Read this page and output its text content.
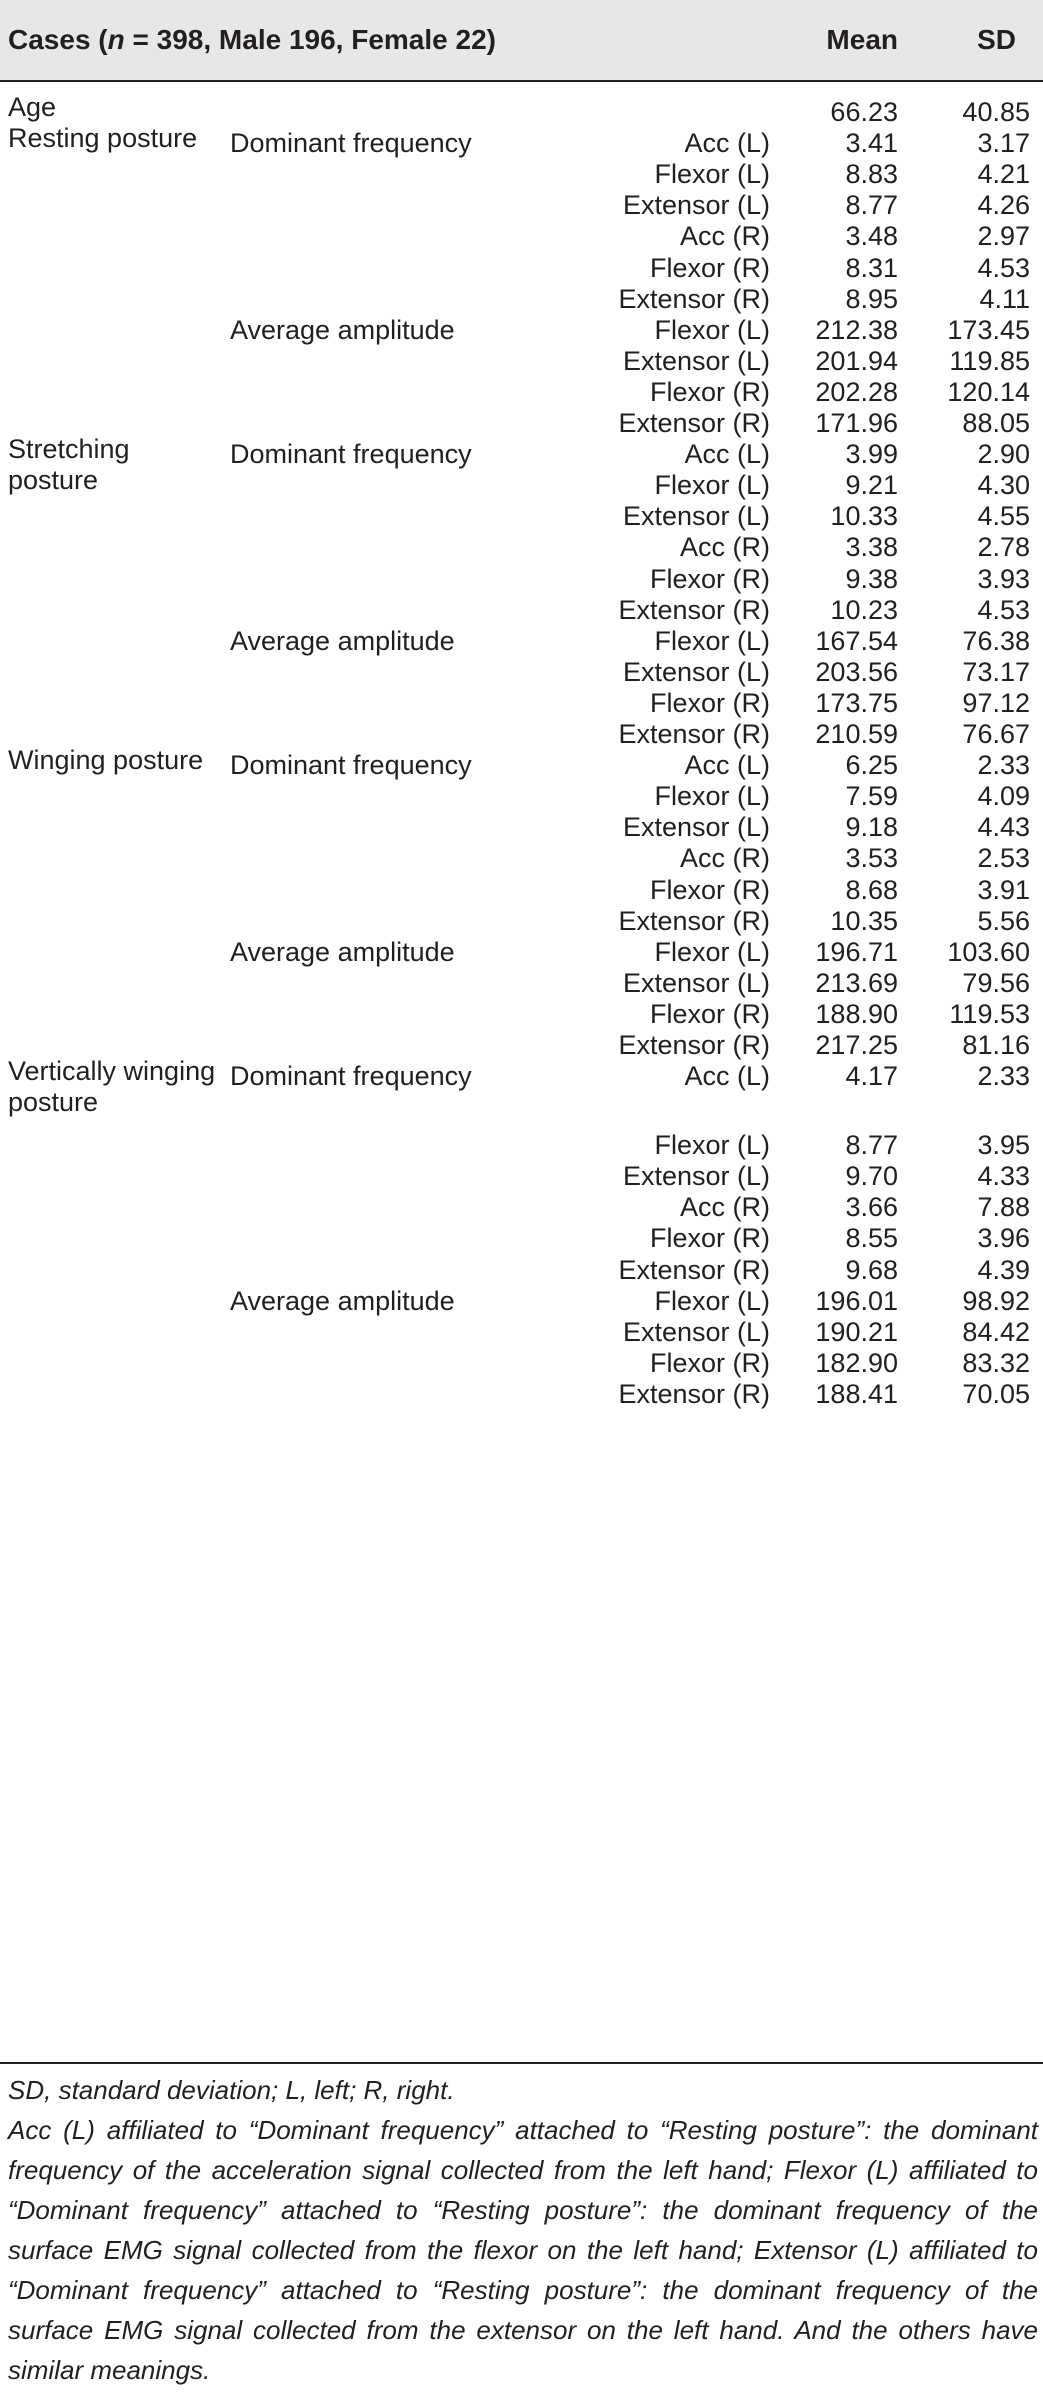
Cases (n = 398, Male 196, Female 22)	Mean	SD
Age	66.23	40.85
Resting posture	Dominant frequency	Acc (L)	3.41	3.17
Flexor (L)	8.83	4.21
Extensor (L)	8.77	4.26
Acc (R)	3.48	2.97
Flexor (R)	8.31	4.53
Extensor (R)	8.95	4.11
Average amplitude	Flexor (L)	212.38	173.45
Extensor (L)	201.94	119.85
Flexor (R)	202.28	120.14
Extensor (R)	171.96	88.05
Stretching posture
Dominant frequency	Acc (L)	3.99	2.90
Flexor (L)	9.21	4.30
Extensor (L)	10.33	4.55
Acc (R)	3.38	2.78
Flexor (R)	9.38	3.93
Extensor (R)	10.23	4.53
Average amplitude	Flexor (L)	167.54	76.38
Extensor (L)	203.56	73.17
Flexor (R)	173.75	97.12
Extensor (R)	210.59	76.67
Winging posture Dominant frequency	Acc (L)	6.25	2.33
Flexor (L)	7.59	4.09
Extensor (L)	9.18	4.43
Acc (R)	3.53	2.53
Flexor (R)	8.68	3.91
Extensor (R)	10.35	5.56
Average amplitude	Flexor (L)	196.71	103.60
Extensor (L)	213.69	79.56
Flexor (R)	188.90	119.53
Extensor (R)	217.25	81.16
Vertically winging posture
Dominant frequency	Acc (L)	4.17	2.33
Flexor (L)	8.77	3.95
Extensor (L)	9.70	4.33
Acc (R)	3.66	7.88
Flexor (R)	8.55	3.96
Extensor (R)	9.68	4.39
Average amplitude	Flexor (L)	196.01	98.92
Extensor (L)	190.21	84.42
Flexor (R)	182.90	83.32
Extensor (R)	188.41	70.05
SD, standard deviation; L, left; R, right.
Acc (L) affiliated to “Dominant frequency” attached to “Resting posture”: the dominant frequency of the acceleration signal collected from the left hand; Flexor (L) affiliated to “Dominant frequency” attached to “Resting posture”: the dominant frequency of the surface EMG signal collected from the flexor on the left hand; Extensor (L) affiliated to “Dominant frequency” attached to “Resting posture”: the dominant frequency of the surface EMG signal collected from the extensor on the left hand. And the others have similar meanings.
